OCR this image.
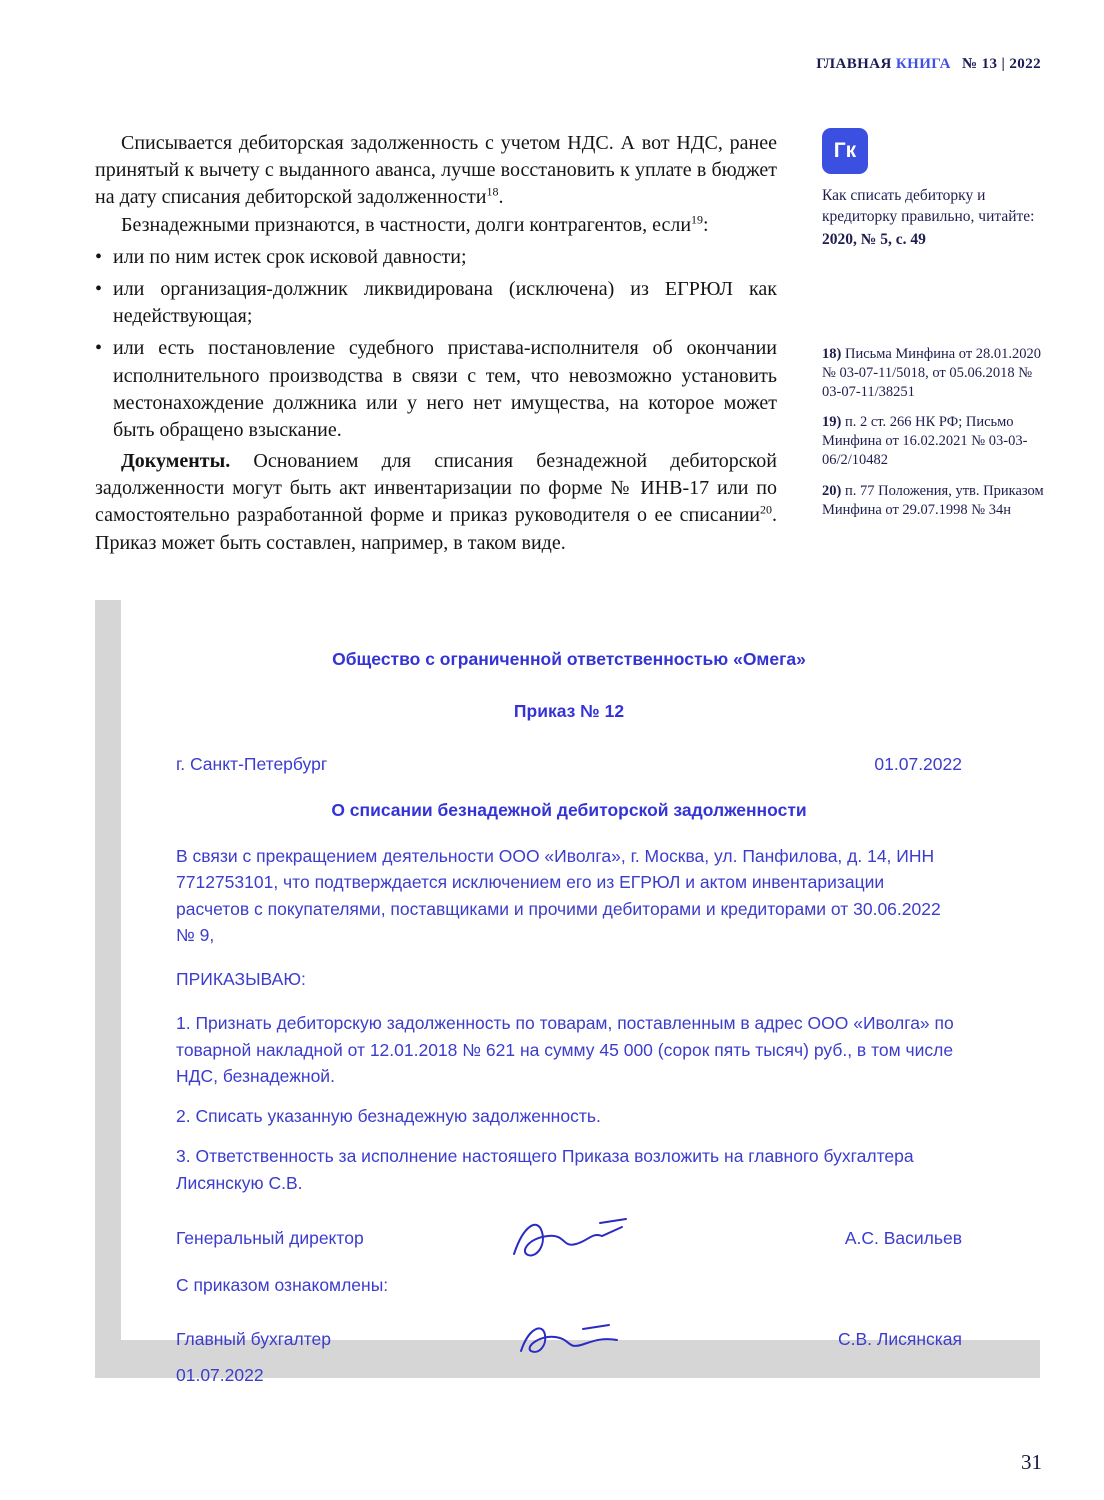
ГЛАВНАЯ КНИГА № 13 | 2022

Списывается дебиторская задолженность с учетом НДС. А вот НДС, ранее принятый к вычету с выданного аванса, лучше восстановить к уплате в бюджет на дату списания дебиторской задолженности$^{18}$.

Безнадежными признаются, в частности, долги контрагентов, если$^{19}$:

• или по ним истек срок исковой давности;
• или организация-должник ликвидирована (исключена) из ЕГРЮЛ как недействующая;
• или есть постановление судебного пристава-исполнителя об окончании исполнительного производства в связи с тем, что невозможно установить местонахождение должника или у него нет имущества, на которое может быть обращено взыскание.

Документы. Основанием для списания безнадежной дебиторской задолженности могут быть акт инвентаризации по форме № ИНВ-17 или по самостоятельно разработанной форме и приказ руководителя о ее списании$^{20}$. Приказ может быть составлен, например, в таком виде.

Гк

Как списать дебиторку и кредиторку правильно, читайте:

2020, № 5, с. 49

18) Письма Минфина от 28.01.2020 № 03-07-11/5018, от 05.06.2018 № 03-07-11/38251

19) п. 2 ст. 266 НК РФ; Письмо Минфина от 16.02.2021 № 03-03-06/2/10482

20) п. 77 Положения, утв. Приказом Минфина от 29.07.1998 № 34н

Общество с ограниченной ответственностью «Омега»
Приказ № 12
г. Санкт-Петербург	01.07.2022
О списании безнадежной дебиторской задолженности

В связи с прекращением деятельности ООО «Иволга», г. Москва, ул. Панфилова, д. 14, ИНН 7712753101, что подтверждается исключением его из ЕГРЮЛ и актом инвентаризации расчетов с покупателями, поставщиками и прочими дебиторами и кредиторами от 30.06.2022 № 9,

ПРИКАЗЫВАЮ:

1. Признать дебиторскую задолженность по товарам, поставленным в адрес ООО «Иволга» по товарной накладной от 12.01.2018 № 621 на сумму 45 000 (сорок пять тысяч) руб., в том числе НДС, безнадежной.

2. Списать указанную безнадежную задолженность.

3. Ответственность за исполнение настоящего Приказа возложить на главного бухгалтера Лисянскую С.В.

Генеральный директор	А.С. Васильев

С приказом ознакомлены:

Главный бухгалтер	С.В. Лисянская

01.07.2022

31
